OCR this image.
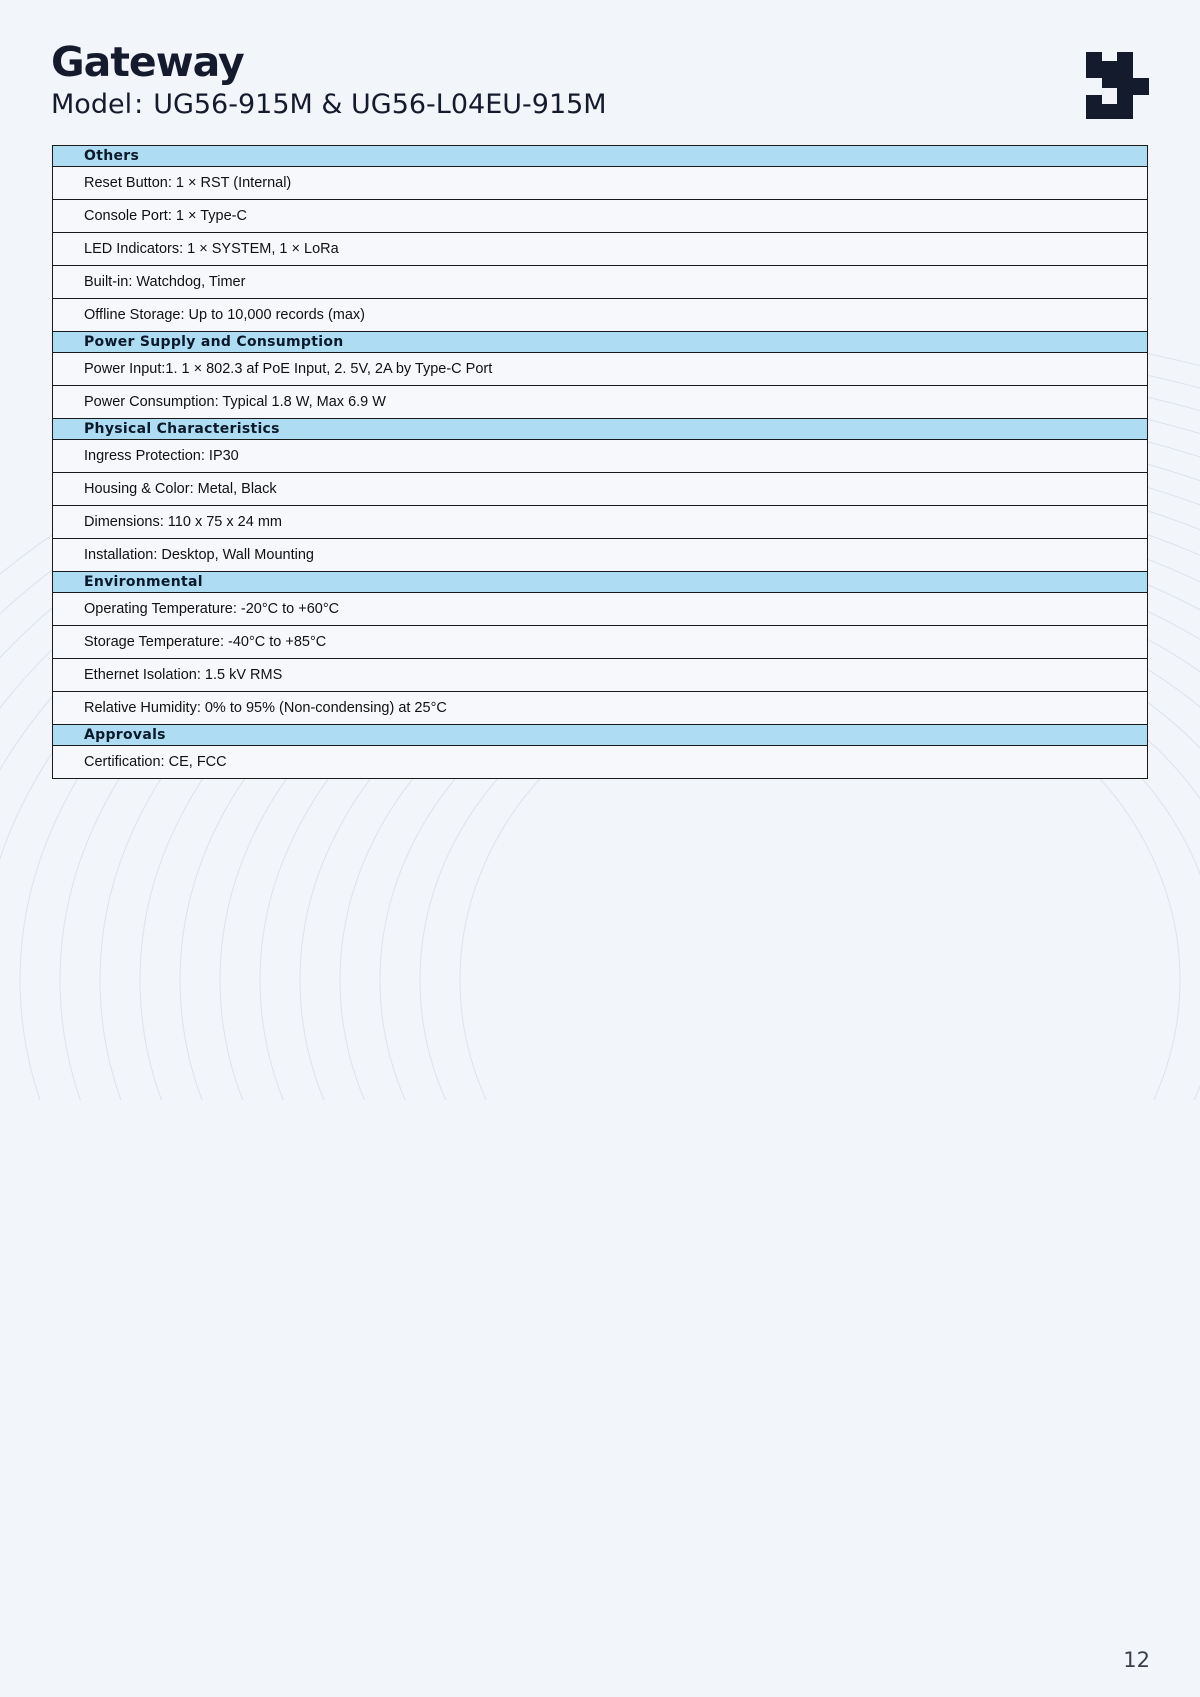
Gateway
Model: UG56-915M & UG56-L04EU-915M
Others
Reset Button: 1 × RST (Internal)
Console Port: 1 × Type-C
LED Indicators: 1 × SYSTEM, 1 × LoRa
Built-in: Watchdog, Timer
Offline Storage: Up to 10,000 records (max)
Power Supply and Consumption
Power Input:1. 1 × 802.3 af PoE Input, 2. 5V, 2A by Type-C Port
Power Consumption: Typical 1.8 W, Max 6.9 W
Physical Characteristics
Ingress Protection: IP30
Housing & Color: Metal, Black
Dimensions: 110 x 75 x 24 mm
Installation: Desktop, Wall Mounting
Environmental
Operating Temperature: -20°C to +60°C
Storage Temperature: -40°C to +85°C
Ethernet Isolation: 1.5 kV RMS
Relative Humidity: 0% to 95% (Non-condensing) at 25°C
Approvals
Certification: CE, FCC
12
